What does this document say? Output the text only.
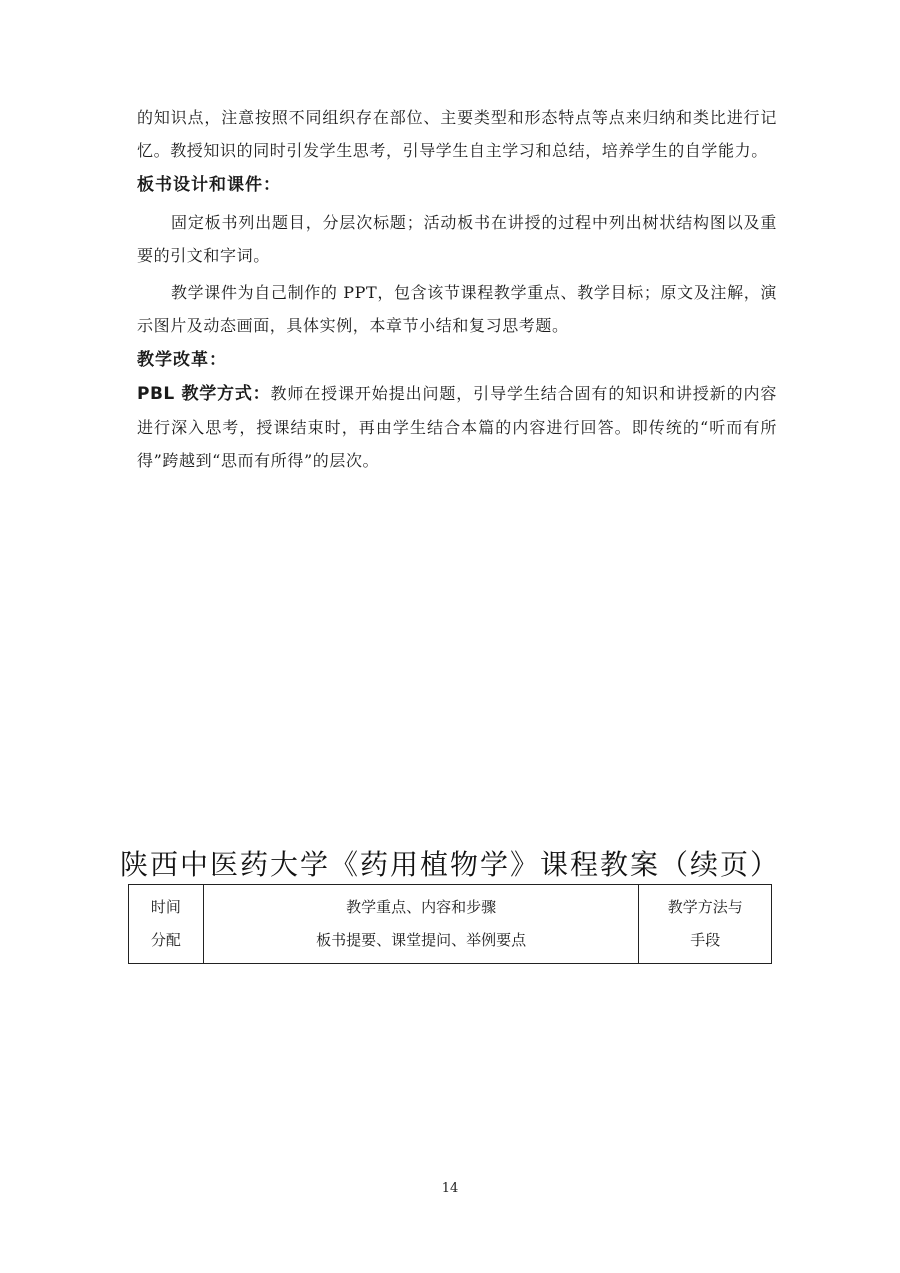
的知识点，注意按照不同组织存在部位、主要类型和形态特点等点来归纳和类比进行记忆。教授知识的同时引发学生思考，引导学生自主学习和总结，培养学生的自学能力。

板书设计和课件：

固定板书列出题目，分层次标题；活动板书在讲授的过程中列出树状结构图以及重要的引文和字词。

教学课件为自己制作的 PPT，包含该节课程教学重点、教学目标；原文及注解，演示图片及动态画面，具体实例，本章节小结和复习思考题。

教学改革：

PBL 教学方式：教师在授课开始提出问题，引导学生结合固有的知识和讲授新的内容进行深入思考，授课结束时，再由学生结合本篇的内容进行回答。即传统的“听而有所得”跨越到“思而有所得”的层次。

陕西中医药大学《药用植物学》课程教案（续页）
时间
分配

教学重点、内容和步骤
板书提要、课堂提问、举例要点

教学方法与
手段
14
